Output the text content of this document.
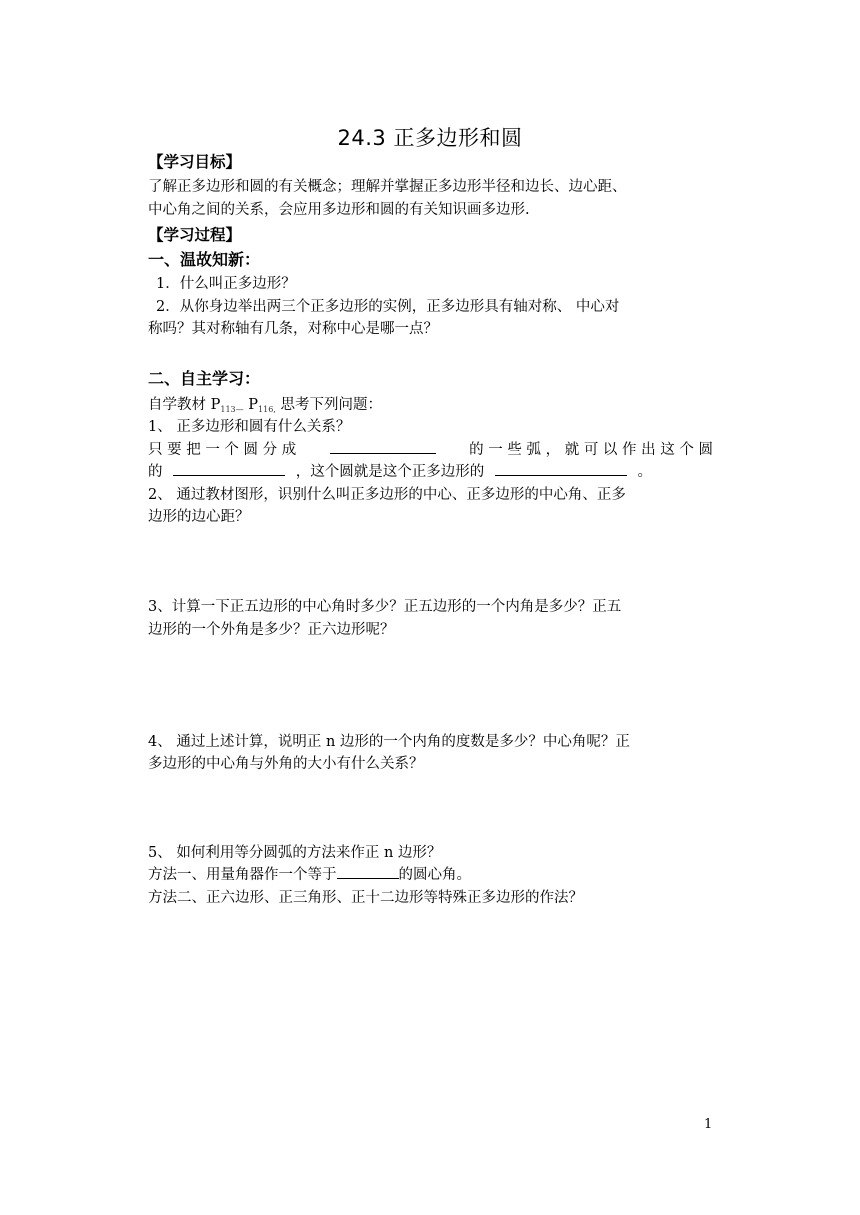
24.3 正多边形和圆
【学习目标】
了解正多边形和圆的有关概念；理解并掌握正多边形半径和边长、边心距、
中心角之间的关系，会应用多边形和圆的有关知识画多边形.
【学习过程】
一、温故知新：
1．什么叫正多边形？
2．从你身边举出两三个正多边形的实例，正多边形具有轴对称、 中心对
称吗？其对称轴有几条，对称中心是哪一点？
二、自主学习：
自学教材 $P_{113—}$ $P_{116,}$ 思考下列问题：
1、 正多边形和圆有什么关系？
只 要 把 一 个 圆 分 成	的 一 些 弧 ， 就 可 以 作 出 这 个 圆
的	，这个圆就是这个正多边形的	。
2、 通过教材图形，识别什么叫正多边形的中心、正多边形的中心角、正多
边形的边心距？
3、计算一下正五边形的中心角时多少？正五边形的一个内角是多少？正五
边形的一个外角是多少？正六边形呢？
4、 通过上述计算，说明正 n 边形的一个内角的度数是多少？中心角呢？正
多边形的中心角与外角的大小有什么关系？
5、 如何利用等分圆弧的方法来作正 n 边形？
方法一、用量角器作一个等于	的圆心角。
方法二、正六边形、正三角形、正十二边形等特殊正多边形的作法？
1
